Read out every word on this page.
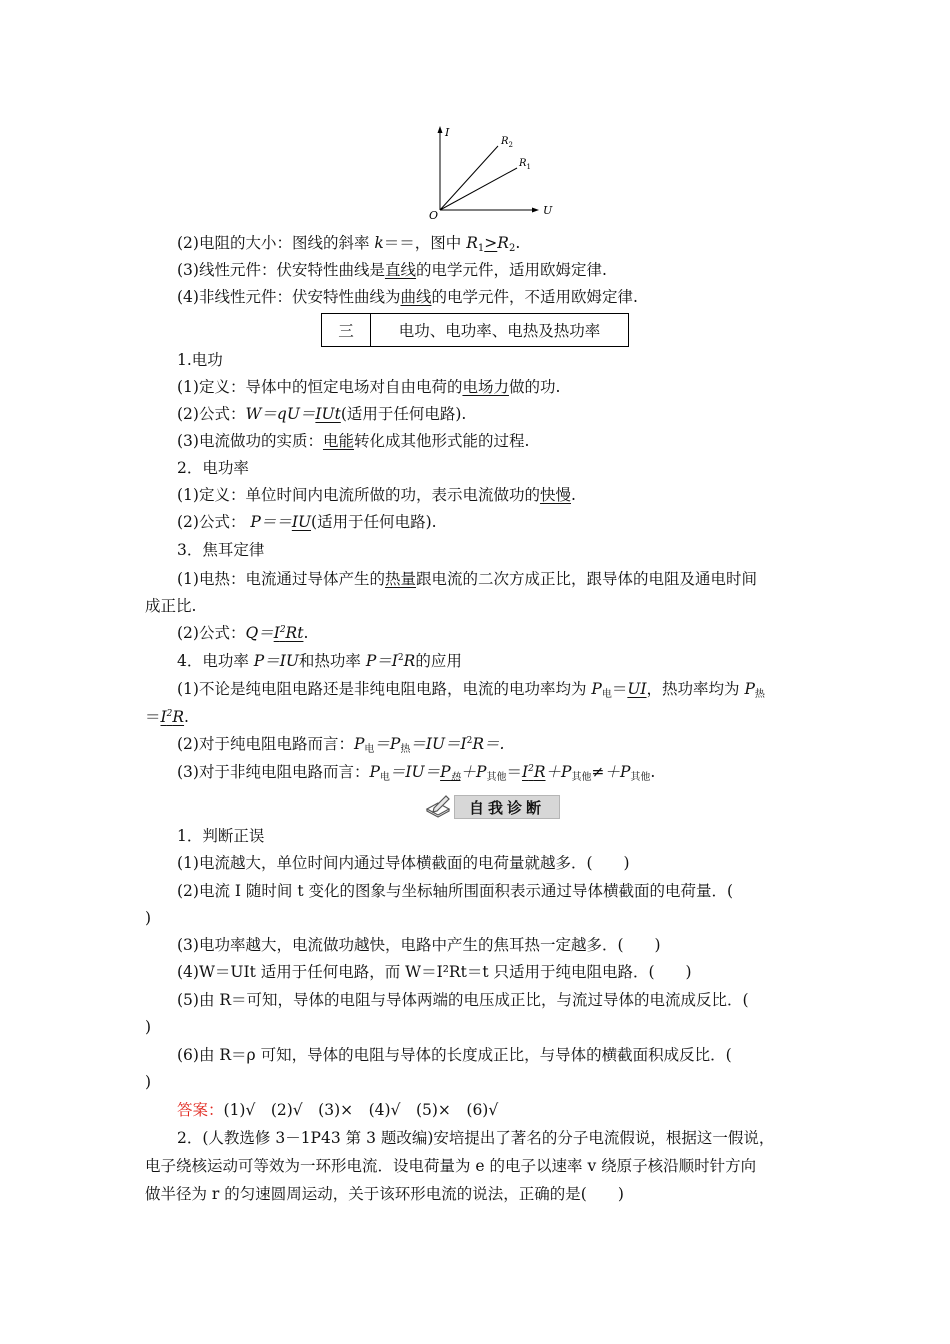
I
U
O
$R_2$
$R_1$
(2)电阻的大小：图线的斜率 k＝＝，图中 $R_1>R_2$.
(3)线性元件：伏安特性曲线是直线的电学元件，适用欧姆定律.
(4)非线性元件：伏安特性曲线为曲线的电学元件，不适用欧姆定律.
三	电功、电功率、电热及热功率
1.电功
(1)定义：导体中的恒定电场对自由电荷的电场力做的功.
(2)公式：W＝qU＝IUt(适用于任何电路).
(3)电流做功的实质：电能转化成其他形式能的过程.
2．电功率
(1)定义：单位时间内电流所做的功，表示电流做功的快慢.
(2)公式： P＝＝IU(适用于任何电路).
3．焦耳定律
(1)电热：电流通过导体产生的热量跟电流的二次方成正比，跟导体的电阻及通电时间
成正比.
(2)公式：$Q=I^2Rt$.
4．电功率 P＝IU和热功率 $P=I^2R$的应用
(1)不论是纯电阻电路还是非纯电阻电路，电流的电功率均为 $P_电=UI$，热功率均为 $P_热$
$=I^2R$.
(2)对于纯电阻电路而言：$P_电=P_热=IU=I^2R=$.
(3)对于非纯电阻电路而言：$P_电=IU=P_热+P_{其他}=I^2R+P_{其他}\ne+P_{其他}$.
自我诊断
1．判断正误
(1)电流越大，单位时间内通过导体横截面的电荷量就越多．(　　)
(2)电流 I 随时间 t 变化的图象与坐标轴所围面积表示通过导体横截面的电荷量．(
)
(3)电功率越大，电流做功越快，电路中产生的焦耳热一定越多．(　　)
(4)W＝UIt 适用于任何电路，而 W＝I²Rt＝t 只适用于纯电阻电路．(　　)
(5)由 R＝可知，导体的电阻与导体两端的电压成正比，与流过导体的电流成反比．(
)
(6)由 R＝ρ 可知，导体的电阻与导体的长度成正比，与导体的横截面积成反比．(
)
答案：(1)√　(2)√　(3)×　(4)√　(5)×　(6)√
2．(人教选修 3－1P43 第 3 题改编)安培提出了著名的分子电流假说，根据这一假说，
电子绕核运动可等效为一环形电流．设电荷量为 e 的电子以速率 v 绕原子核沿顺时针方向
做半径为 r 的匀速圆周运动，关于该环形电流的说法，正确的是(　　)
